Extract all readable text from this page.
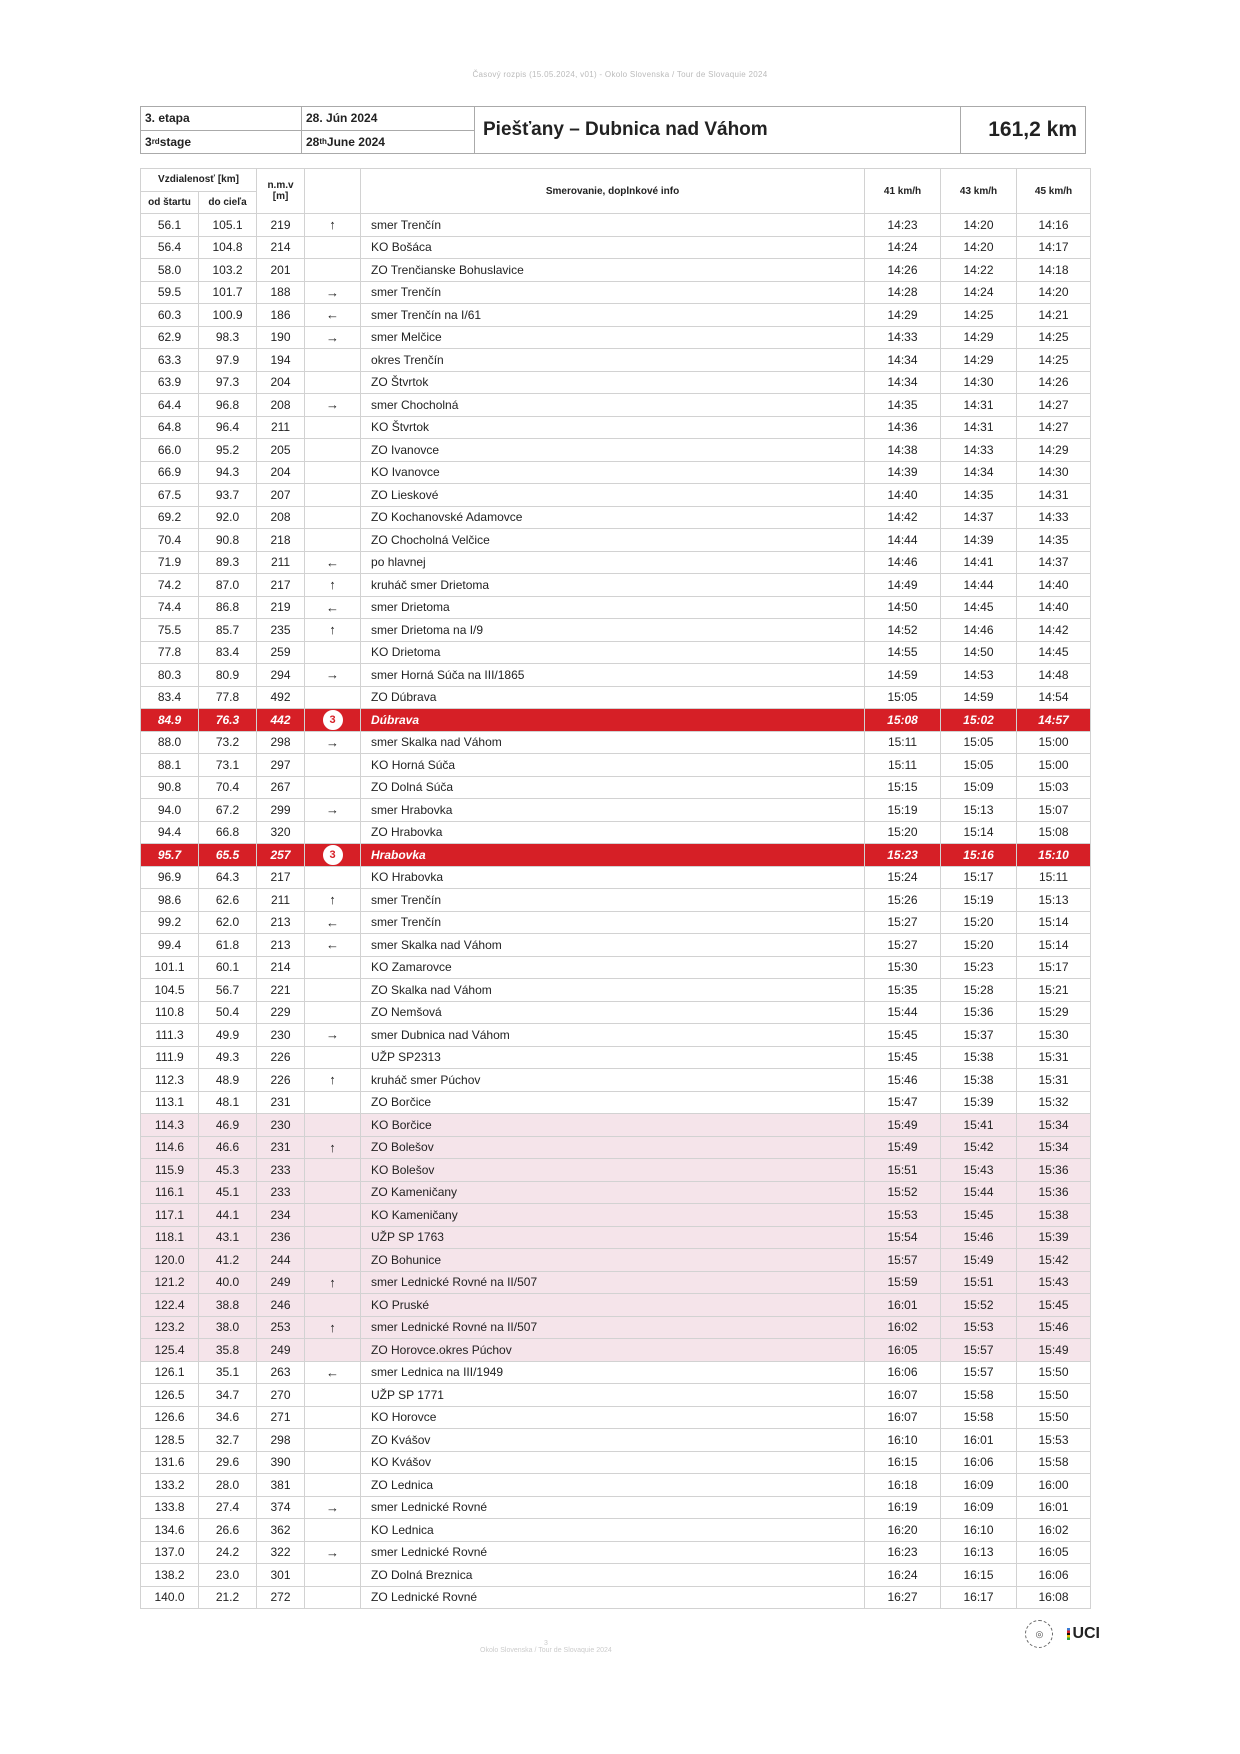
Časový rozpis (15.05.2024, v01) - Okolo Slovenska / Tour de Slovaquie 2024
3. etapa
3 rd stage
28. Jún 2024
28 th June 2024
Piešťany – Dubnica nad Váhom	161,2 km
Vzdialenosť [km]		n.m.v [m]		Smerovanie, doplnkové info	41 km/h	43 km/h	45 km/h
od štartu	do cieľa						
56.1	105.1	219	↑	smer Trenčín	14:23	14:20	14:16
56.4	104.8	214		KO Bošáca	14:24	14:20	14:17
58.0	103.2	201		ZO Trenčianske Bohuslavice	14:26	14:22	14:18
59.5	101.7	188	→	smer Trenčín	14:28	14:24	14:20
60.3	100.9	186	←	smer Trenčín na I/61	14:29	14:25	14:21
62.9	98.3	190	→	smer Melčice	14:33	14:29	14:25
63.3	97.9	194		okres Trenčín	14:34	14:29	14:25
63.9	97.3	204		ZO Štvrtok	14:34	14:30	14:26
64.4	96.8	208	→	smer Chocholná	14:35	14:31	14:27
64.8	96.4	211		KO Štvrtok	14:36	14:31	14:27
66.0	95.2	205		ZO Ivanovce	14:38	14:33	14:29
66.9	94.3	204		KO Ivanovce	14:39	14:34	14:30
67.5	93.7	207		ZO Lieskové	14:40	14:35	14:31
69.2	92.0	208		ZO Kochanovské Adamovce	14:42	14:37	14:33
70.4	90.8	218		ZO Chocholná Velčice	14:44	14:39	14:35
71.9	89.3	211	←	po hlavnej	14:46	14:41	14:37
74.2	87.0	217	↑	kruháč smer Drietoma	14:49	14:44	14:40
74.4	86.8	219	←	smer Drietoma	14:50	14:45	14:40
75.5	85.7	235	↑	smer Drietoma na I/9	14:52	14:46	14:42
77.8	83.4	259		KO Drietoma	14:55	14:50	14:45
80.3	80.9	294	→	smer Horná Súča na III/1865	14:59	14:53	14:48
83.4	77.8	492		ZO Dúbrava	15:05	14:59	14:54
84.9	76.3	442	3	Dúbrava	15:08	15:02	14:57
88.0	73.2	298	→	smer Skalka nad Váhom	15:11	15:05	15:00
88.1	73.1	297		KO Horná Súča	15:11	15:05	15:00
90.8	70.4	267		ZO Dolná Súča	15:15	15:09	15:03
94.0	67.2	299	→	smer Hrabovka	15:19	15:13	15:07
94.4	66.8	320		ZO Hrabovka	15:20	15:14	15:08
95.7	65.5	257	3	Hrabovka	15:23	15:16	15:10
96.9	64.3	217		KO Hrabovka	15:24	15:17	15:11
98.6	62.6	211	↑	smer Trenčín	15:26	15:19	15:13
99.2	62.0	213	←	smer Trenčín	15:27	15:20	15:14
99.4	61.8	213	←	smer Skalka nad Váhom	15:27	15:20	15:14
101.1	60.1	214		KO Zamarovce	15:30	15:23	15:17
104.5	56.7	221		ZO Skalka nad Váhom	15:35	15:28	15:21
110.8	50.4	229		ZO Nemšová	15:44	15:36	15:29
111.3	49.9	230	→	smer Dubnica nad Váhom	15:45	15:37	15:30
111.9	49.3	226		UŽP SP2313	15:45	15:38	15:31
112.3	48.9	226	↑	kruháč smer Púchov	15:46	15:38	15:31
113.1	48.1	231		ZO Borčice	15:47	15:39	15:32
114.3	46.9	230		KO Borčice	15:49	15:41	15:34
114.6	46.6	231	↑	ZO Bolešov	15:49	15:42	15:34
115.9	45.3	233		KO Bolešov	15:51	15:43	15:36
116.1	45.1	233		ZO Kameničany	15:52	15:44	15:36
117.1	44.1	234		KO Kameničany	15:53	15:45	15:38
118.1	43.1	236		UŽP SP 1763	15:54	15:46	15:39
120.0	41.2	244		ZO Bohunice	15:57	15:49	15:42
121.2	40.0	249	↑	smer Lednické Rovné na II/507	15:59	15:51	15:43
122.4	38.8	246		KO Pruské	16:01	15:52	15:45
123.2	38.0	253	↑	smer Lednické Rovné na II/507	16:02	15:53	15:46
125.4	35.8	249		ZO Horovce.okres Púchov	16:05	15:57	15:49
126.1	35.1	263	←	smer Lednica na III/1949	16:06	15:57	15:50
126.5	34.7	270		UŽP SP 1771	16:07	15:58	15:50
126.6	34.6	271		KO Horovce	16:07	15:58	15:50
128.5	32.7	298		ZO Kvášov	16:10	16:01	15:53
131.6	29.6	390		KO Kvášov	16:15	16:06	15:58
133.2	28.0	381		ZO Lednica	16:18	16:09	16:00
133.8	27.4	374	→	smer Lednické Rovné	16:19	16:09	16:01
134.6	26.6	362		KO Lednica	16:20	16:10	16:02
137.0	24.2	322	→	smer Lednické Rovné	16:23	16:13	16:05
138.2	23.0	301		ZO Dolná Breznica	16:24	16:15	16:06
140.0	21.2	272		ZO Lednické Rovné	16:27	16:17	16:08
3
Okolo Slovenska / Tour de Slovaquie 2024
◎	UCI
